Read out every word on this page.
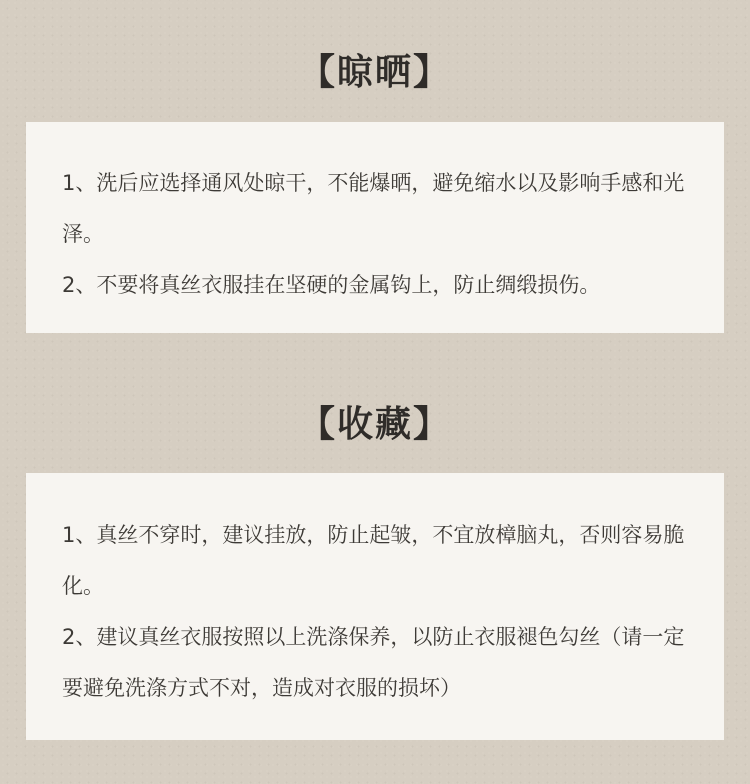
【晾晒】

1、洗后应选择通风处晾干，不能爆晒，避免缩水以及影响手感和光泽。

2、不要将真丝衣服挂在坚硬的金属钩上，防止绸缎损伤。

【收藏】

1、真丝不穿时，建议挂放，防止起皱，不宜放樟脑丸，否则容易脆化。

2、建议真丝衣服按照以上洗涤保养，以防止衣服褪色勾丝（请一定要避免洗涤方式不对，造成对衣服的损坏）
